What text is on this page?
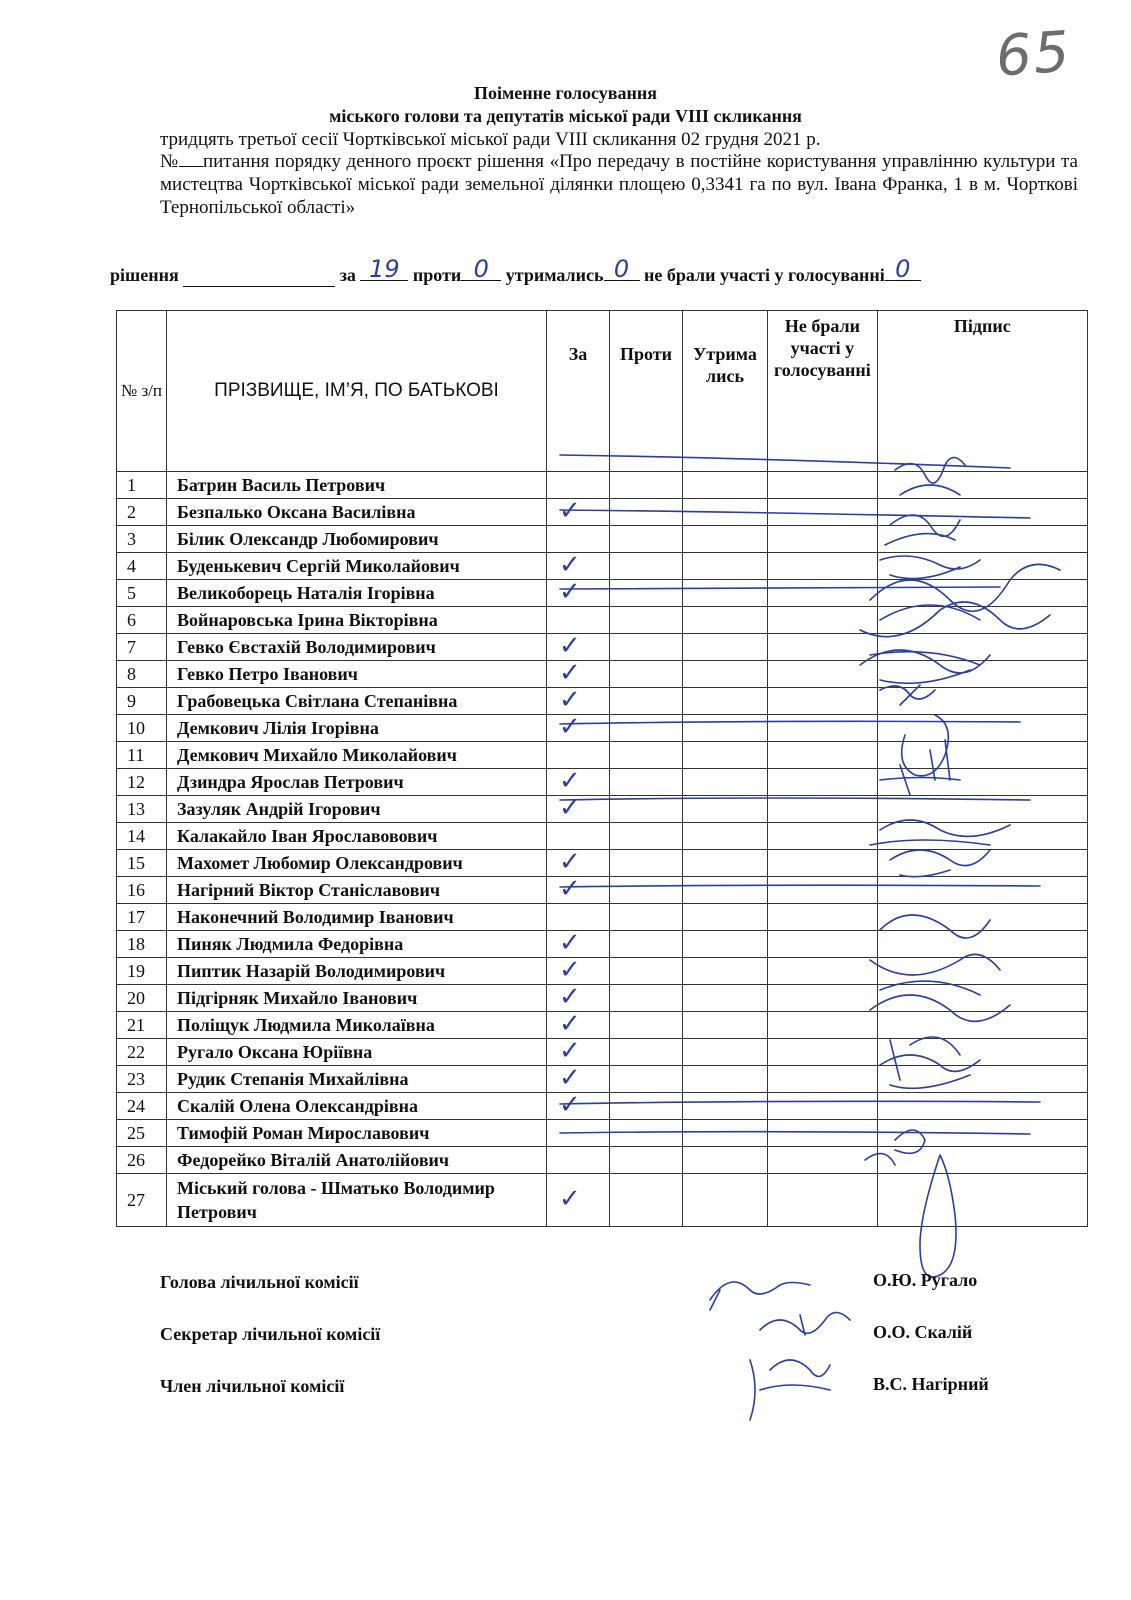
65
Поіменне голосування
міського голови та депутатів міської ради VIII скликання
тридцять третьої сесії Чортківської міської ради VIII скликання 02 грудня 2021 р.
№ питання порядку денного проєкт рішення «Про передачу в постійне користування управлінню культури та мистецтва Чортківської міської ради земельної ділянки площею 0,3341 га по вул. Івана Франка, 1 в м. Чорткові Тернопільської області»
рішення	за 19 проти 0 утримались 0 не брали участі у голосуванні 0
№ з/п	ПРІЗВИЩЕ, ІМ’Я, ПО БАТЬКОВІ	За	Проти	Утримались	Не брали участі у голосуванні	Підпис
1	Батрин Василь Петрович					
2	Безпалько Оксана Василівна	✓				
3	Білик Олександр Любомирович					
4	Буденькевич Сергій Миколайович	✓				
5	Великоборець Наталія Ігорівна	✓				
6	Войнаровська Ірина Вікторівна					
7	Гевко Євстахій Володимирович	✓				
8	Гевко Петро Іванович	✓				
9	Грабовецька Світлана Степанівна	✓				
10	Демкович Лілія Ігорівна	✓				
11	Демкович Михайло Миколайович					
12	Дзиндра Ярослав Петрович	✓				
13	Зазуляк Андрій Ігорович	✓				
14	Калакайло Іван Ярославовович					
15	Махомет Любомир Олександрович	✓				
16	Нагірний Віктор Станіславович	✓				
17	Наконечний Володимир Іванович					
18	Пиняк Людмила Федорівна	✓				
19	Пиптик Назарій Володимирович	✓				
20	Підгірняк Михайло Іванович	✓				
21	Поліщук Людмила Миколаївна	✓				
22	Ругало Оксана Юріївна	✓				
23	Рудик Степанія Михайлівна	✓				
24	Скалій Олена Олександрівна	✓				
25	Тимофій Роман Мирославович					
26	Федорейко Віталій Анатолійович					
27	Міський голова - Шматько Володимир Петрович	✓				
Голова лічильної комісії	О.Ю. Ругало
Секретар лічильної комісії	О.О. Скалій
Член лічильної комісії	В.С. Нагірний
